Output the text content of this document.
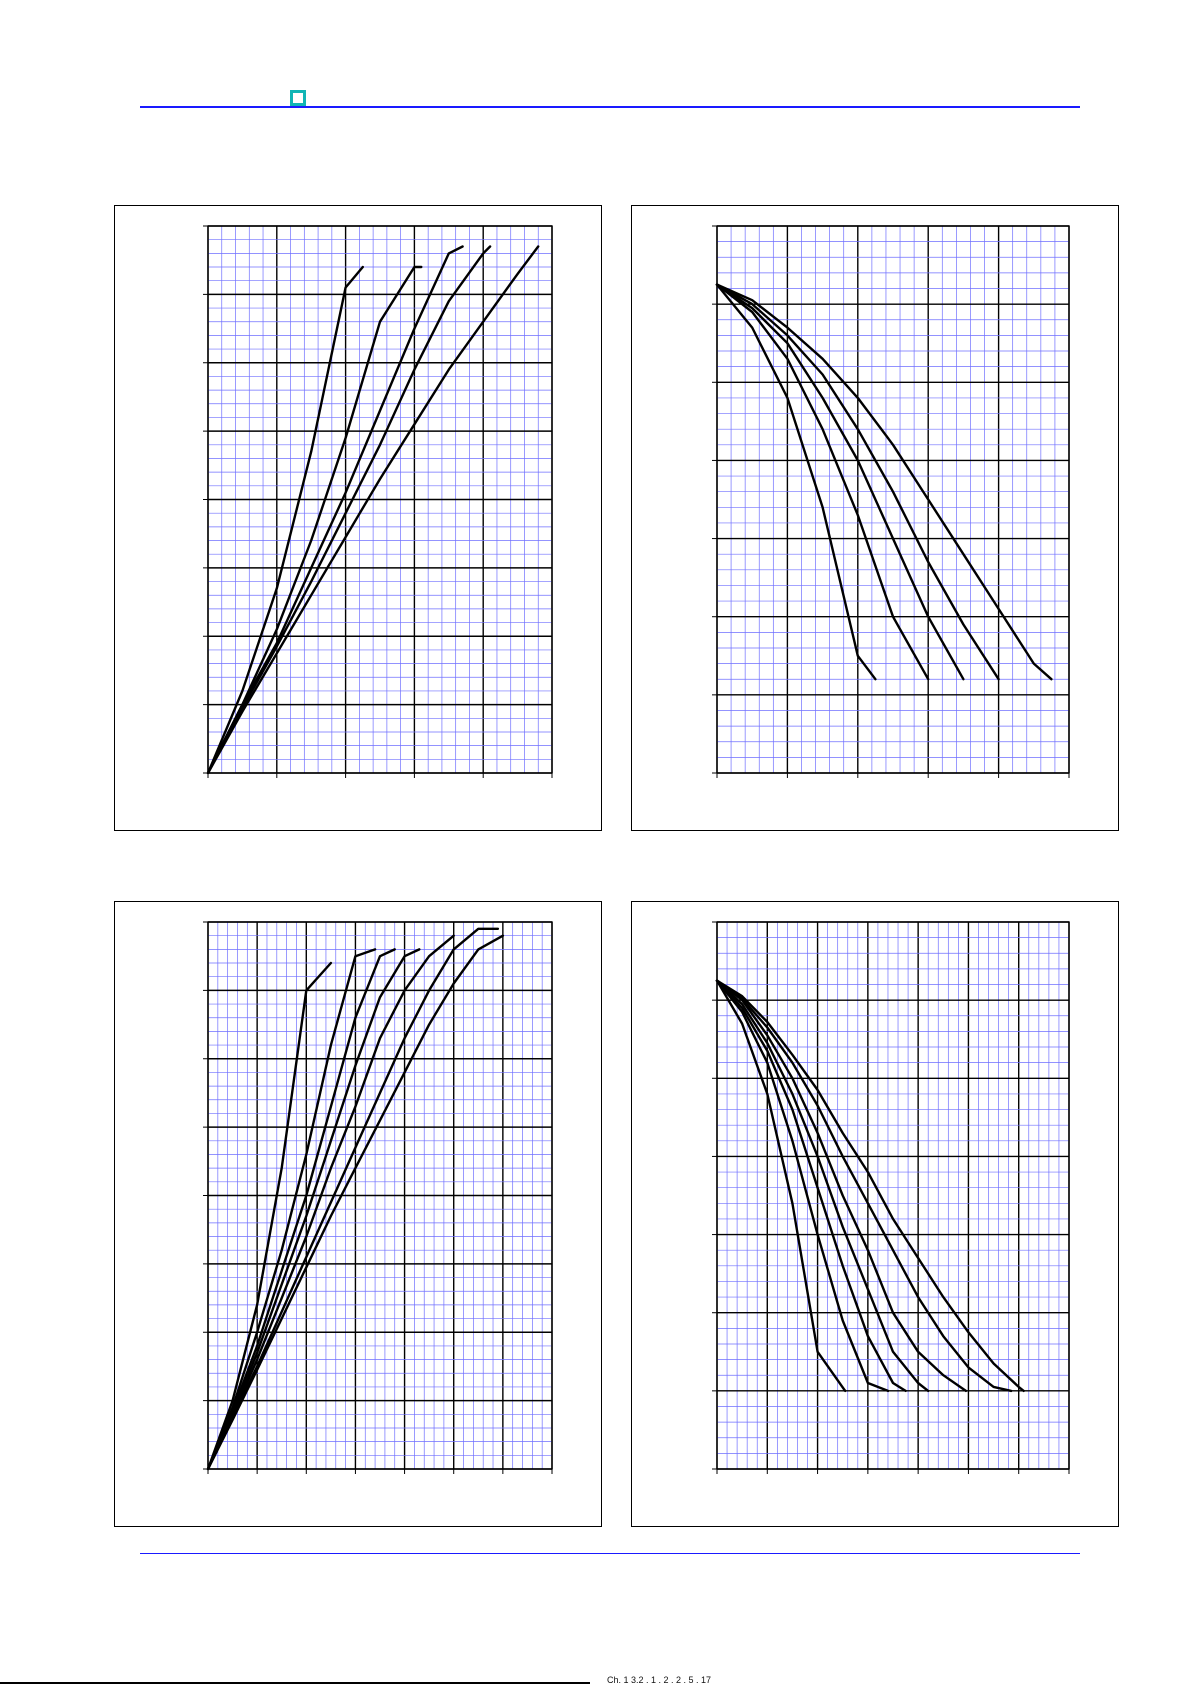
Ch. 1 3.2 . 1 . 2 . 2 . 5 . 17
